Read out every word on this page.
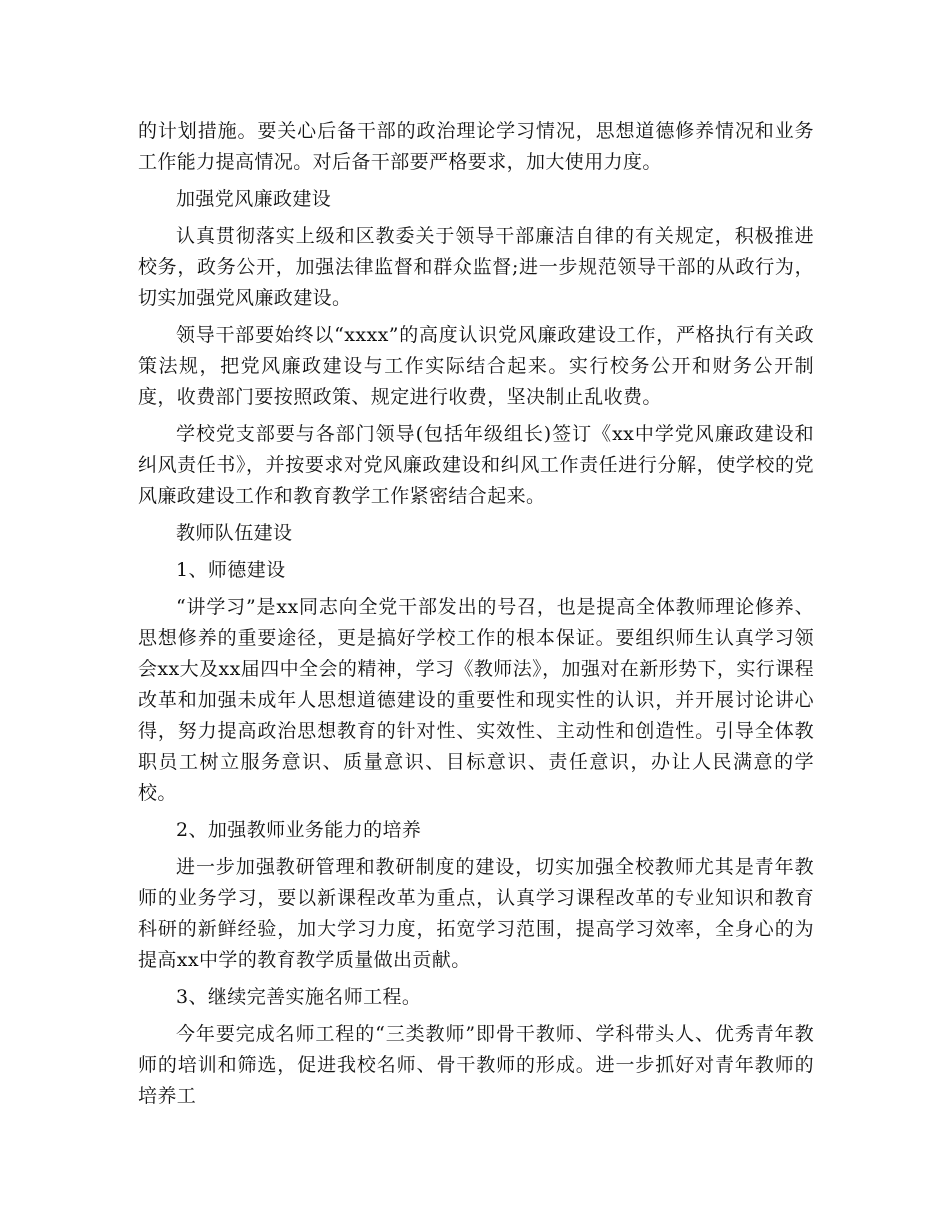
的计划措施。要关心后备干部的政治理论学习情况，思想道德修养情况和业务工作能力提高情况。对后备干部要严格要求，加大使用力度。

加强党风廉政建设

认真贯彻落实上级和区教委关于领导干部廉洁自律的有关规定，积极推进校务，政务公开，加强法律监督和群众监督;进一步规范领导干部的从政行为，切实加强党风廉政建设。

领导干部要始终以“xxxx”的高度认识党风廉政建设工作，严格执行有关政策法规，把党风廉政建设与工作实际结合起来。实行校务公开和财务公开制度，收费部门要按照政策、规定进行收费，坚决制止乱收费。

学校党支部要与各部门领导(包括年级组长)签订《xx中学党风廉政建设和纠风责任书》，并按要求对党风廉政建设和纠风工作责任进行分解，使学校的党风廉政建设工作和教育教学工作紧密结合起来。

教师队伍建设

1、师德建设

“讲学习”是xx同志向全党干部发出的号召，也是提高全体教师理论修养、思想修养的重要途径，更是搞好学校工作的根本保证。要组织师生认真学习领会xx大及xx届四中全会的精神，学习《教师法》，加强对在新形势下，实行课程改革和加强未成年人思想道德建设的重要性和现实性的认识，并开展讨论讲心得，努力提高政治思想教育的针对性、实效性、主动性和创造性。引导全体教职员工树立服务意识、质量意识、目标意识、责任意识，办让人民满意的学校。

2、加强教师业务能力的培养

进一步加强教研管理和教研制度的建设，切实加强全校教师尤其是青年教师的业务学习，要以新课程改革为重点，认真学习课程改革的专业知识和教育科研的新鲜经验，加大学习力度，拓宽学习范围，提高学习效率，全身心的为提高xx中学的教育教学质量做出贡献。

3、继续完善实施名师工程。

今年要完成名师工程的“三类教师”即骨干教师、学科带头人、优秀青年教师的培训和筛选，促进我校名师、骨干教师的形成。进一步抓好对青年教师的培养工
